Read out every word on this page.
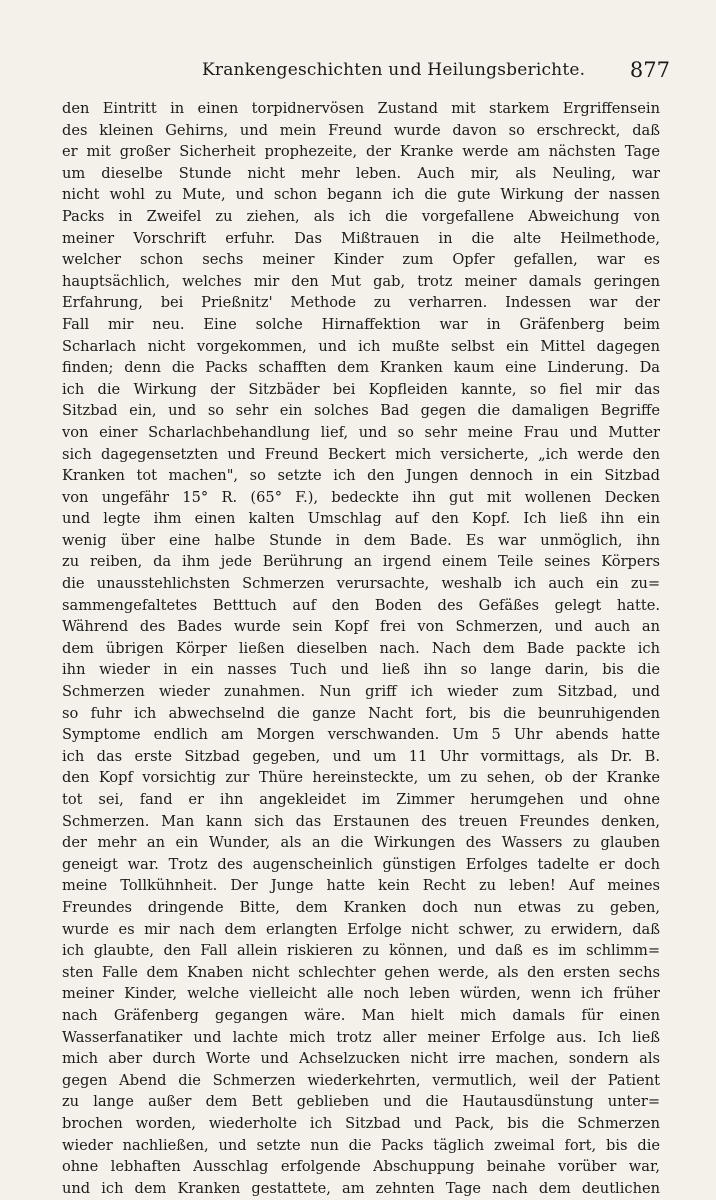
Krankengeschichten und Heilungsberichte. 877
den Eintritt in einen torpidnervösen Zustand mit starkem Ergriffensein
des kleinen Gehirns, und mein Freund wurde davon so erschreckt, daß
er mit großer Sicherheit prophezeite, der Kranke werde am nächsten Tage
um dieselbe Stunde nicht mehr leben. Auch mir, als Neuling, war
nicht wohl zu Mute, und schon begann ich die gute Wirkung der nassen
Packs in Zweifel zu ziehen, als ich die vorgefallene Abweichung von
meiner Vorschrift erfuhr. Das Mißtrauen in die alte Heilmethode,
welcher schon sechs meiner Kinder zum Opfer gefallen, war es
hauptsächlich, welches mir den Mut gab, trotz meiner damals geringen
Erfahrung, bei Prießnitz' Methode zu verharren. Indessen war der
Fall mir neu. Eine solche Hirnaffektion war in Gräfenberg beim
Scharlach nicht vorgekommen, und ich mußte selbst ein Mittel dagegen
finden; denn die Packs schafften dem Kranken kaum eine Linderung. Da
ich die Wirkung der Sitzbäder bei Kopfleiden kannte, so fiel mir das
Sitzbad ein, und so sehr ein solches Bad gegen die damaligen Begriffe
von einer Scharlachbehandlung lief, und so sehr meine Frau und Mutter
sich dagegensetzten und Freund Beckert mich versicherte, „ich werde den
Kranken tot machen", so setzte ich den Jungen dennoch in ein Sitzbad
von ungefähr 15° R. (65° F.), bedeckte ihn gut mit wollenen Decken
und legte ihm einen kalten Umschlag auf den Kopf. Ich ließ ihn ein
wenig über eine halbe Stunde in dem Bade. Es war unmöglich, ihn
zu reiben, da ihm jede Berührung an irgend einem Teile seines Körpers
die unausstehlichsten Schmerzen verursachte, weshalb ich auch ein zu=
sammengefaltetes Betttuch auf den Boden des Gefäßes gelegt hatte.
Während des Bades wurde sein Kopf frei von Schmerzen, und auch an
dem übrigen Körper ließen dieselben nach. Nach dem Bade packte ich
ihn wieder in ein nasses Tuch und ließ ihn so lange darin, bis die
Schmerzen wieder zunahmen. Nun griff ich wieder zum Sitzbad, und
so fuhr ich abwechselnd die ganze Nacht fort, bis die beunruhigenden
Symptome endlich am Morgen verschwanden. Um 5 Uhr abends hatte
ich das erste Sitzbad gegeben, und um 11 Uhr vormittags, als Dr. B.
den Kopf vorsichtig zur Thüre hereinsteckte, um zu sehen, ob der Kranke
tot sei, fand er ihn angekleidet im Zimmer herumgehen und ohne
Schmerzen. Man kann sich das Erstaunen des treuen Freundes denken,
der mehr an ein Wunder, als an die Wirkungen des Wassers zu glauben
geneigt war. Trotz des augenscheinlich günstigen Erfolges tadelte er doch
meine Tollkühnheit. Der Junge hatte kein Recht zu leben! Auf meines
Freundes dringende Bitte, dem Kranken doch nun etwas zu geben,
wurde es mir nach dem erlangten Erfolge nicht schwer, zu erwidern, daß
ich glaubte, den Fall allein riskieren zu können, und daß es im schlimm=
sten Falle dem Knaben nicht schlechter gehen werde, als den ersten sechs
meiner Kinder, welche vielleicht alle noch leben würden, wenn ich früher
nach Gräfenberg gegangen wäre. Man hielt mich damals für einen
Wasserfanatiker und lachte mich trotz aller meiner Erfolge aus. Ich ließ
mich aber durch Worte und Achselzucken nicht irre machen, sondern als
gegen Abend die Schmerzen wiederkehrten, vermutlich, weil der Patient
zu lange außer dem Bett geblieben und die Hautausdünstung unter=
brochen worden, wiederholte ich Sitzbad und Pack, bis die Schmerzen
wieder nachließen, und setzte nun die Packs täglich zweimal fort, bis die
ohne lebhaften Ausschlag erfolgende Abschuppung beinahe vorüber war,
und ich dem Kranken gestattete, am zehnten Tage nach dem deutlichen
